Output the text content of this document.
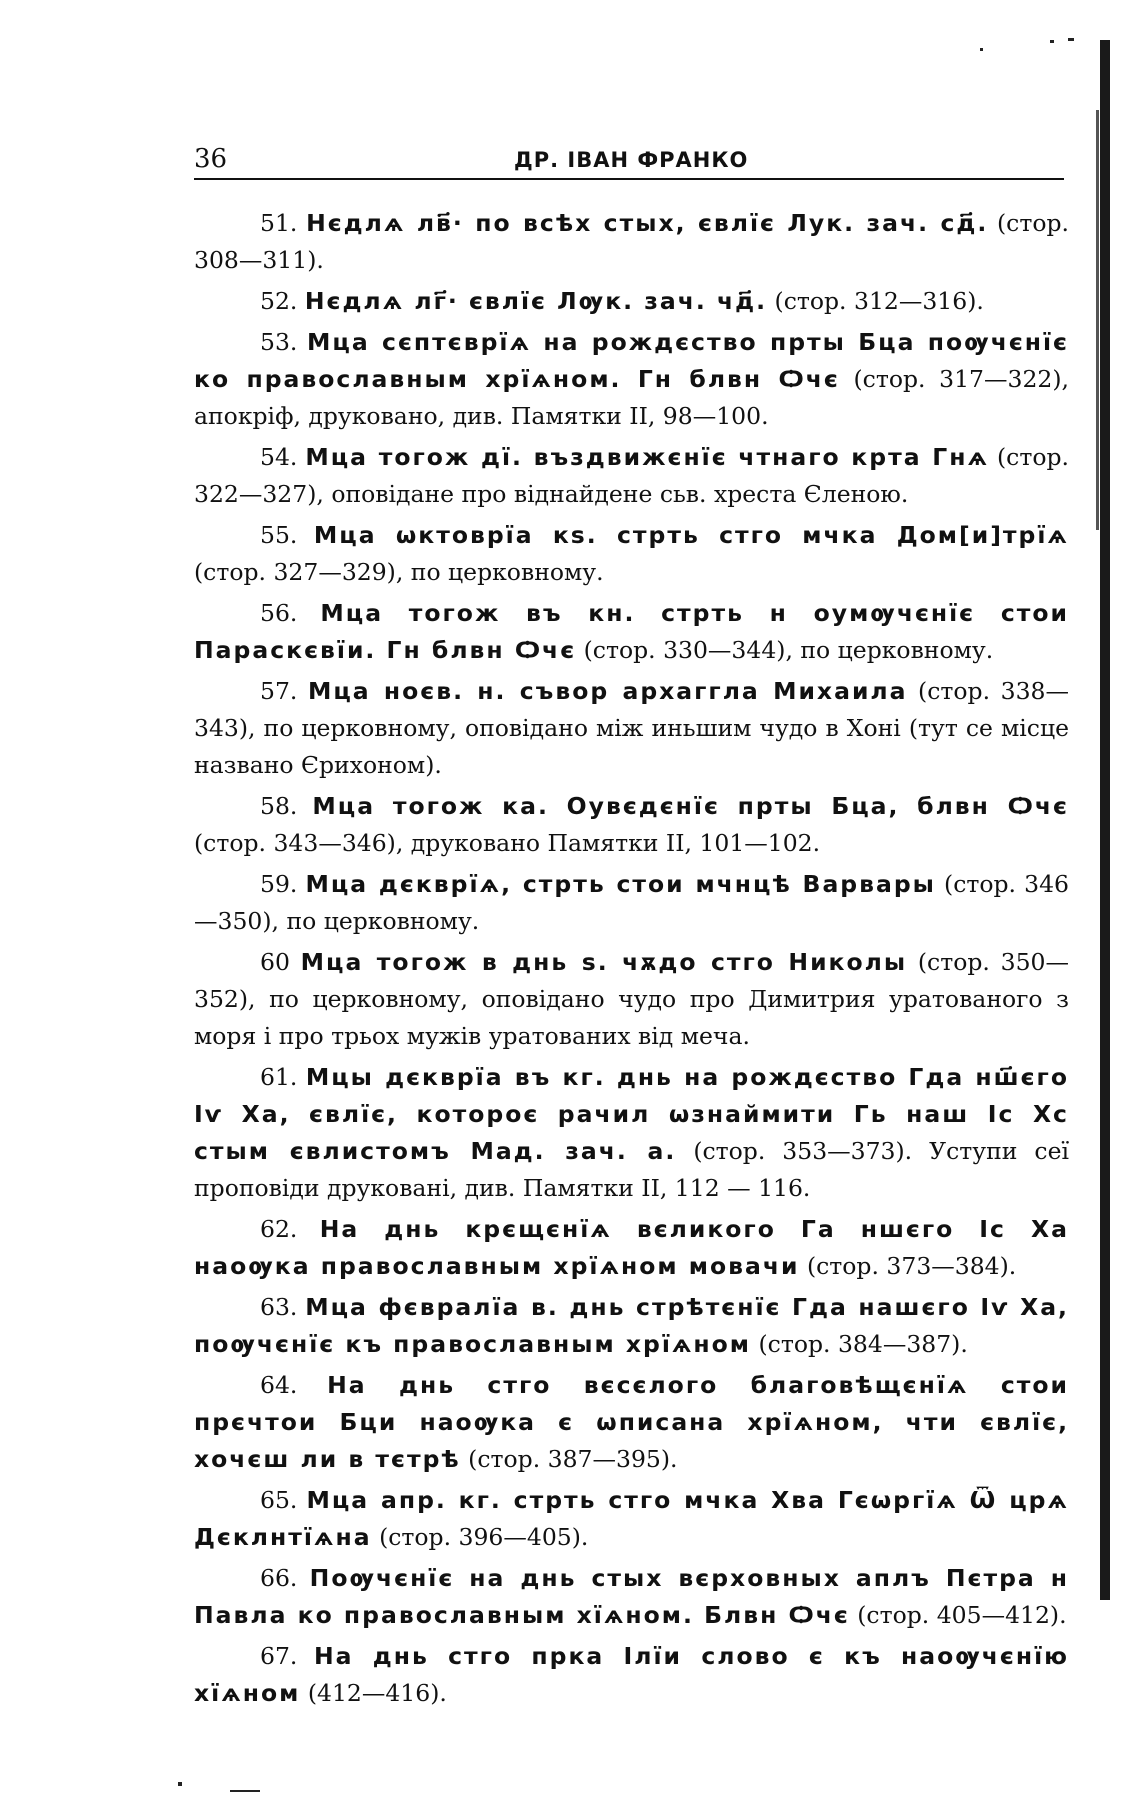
36	ДР. ІВАН ФРАНКО

51. Нєдлѧ лв҃· по всѣх стых, євлїє Лук. зач. сд҃. (стор. 308—311).

52. Нєдлѧ лг҃· євлїє Лѹк. зач. чд҃. (стор. 312—316).

53. Мца сєптєврїѧ на рождєство прты Бца поѹчєнїє ко православным хрїѧном. Гн блвн Ѻчє (стор. 317—322), апокріф, друковано, див. Памятки II, 98—100.

54. Мца тогож дї. въздвижєнїє чтнаго крта Гнѧ (стор. 322—327), оповідане про віднайдене сьв. хреста Єленою.

55. Мца ѡктоврїа кѕ. стрть стго мчка Дом[и]трїѧ (стор. 327—329), по церковному.

56. Мца тогож въ кн. стрть н оумѹчєнїє стои Параскєвїи. Гн блвн Ѻчє (стор. 330—344), по церковному.

57. Мца ноєв. н. съвор архаггла Михаила (стор. 338—343), по церковному, оповідано між иньшим чудо в Хоні (тут се місце названо Єрихоном).

58. Мца тогож ка. Оувєдєнїє прты Бца, блвн Ѻчє (стор. 343—346), друковано Памятки II, 101—102.

59. Мца дєкврїѧ, стрть стои мчнцѣ Варвары (стор. 346—350), по церковному.

60 Мца тогож в днь ѕ. чѫдо стго Николы (стор. 350—352), по церковному, оповідано чудо про Димитрия уратованого з моря і про трьох мужів уратованих від меча.

61. Мцы дєкврїа въ кг. днь на рождєство Гда нш҃єго Іѵ Ха, євлїє, котороє рачил ѡзнаймити Гь наш Іс Хс стым євлистомъ Мад. зач. а. (стор. 353—373). Уступи сеї проповіди друковані, див. Памятки II, 112 — 116.

62. На днь крєщєнїѧ вєликого Га ншєго Іс Ха наоѹка православным хрїѧном мовачи (стор. 373—384).

63. Мца фєвралїа в. днь стрѣтєнїє Гда нашєго Іѵ Ха, поѹчєнїє къ православным хрїѧном (стор. 384—387).

64. На днь стго вєсєлого благовѣщєнїѧ стои прєчтои Бци наоѹка є ѡписана хрїѧном, чти євлїє, хочєш ли в тєтрѣ (стор. 387—395).

65. Мца апр. кг. стрть стго мчка Хва Гєѡргїѧ Ѿ црѧ Дєклнтїѧна (стор. 396—405).

66. Поѹчєнїє на днь стых вєрховных aплъ Пєтра н Павла ко православным хїѧном. Блвн Ѻчє (стор. 405—412).

67. На днь стго прка Ілїи слово є къ наоѹчєнїю хїѧном (412—416).
